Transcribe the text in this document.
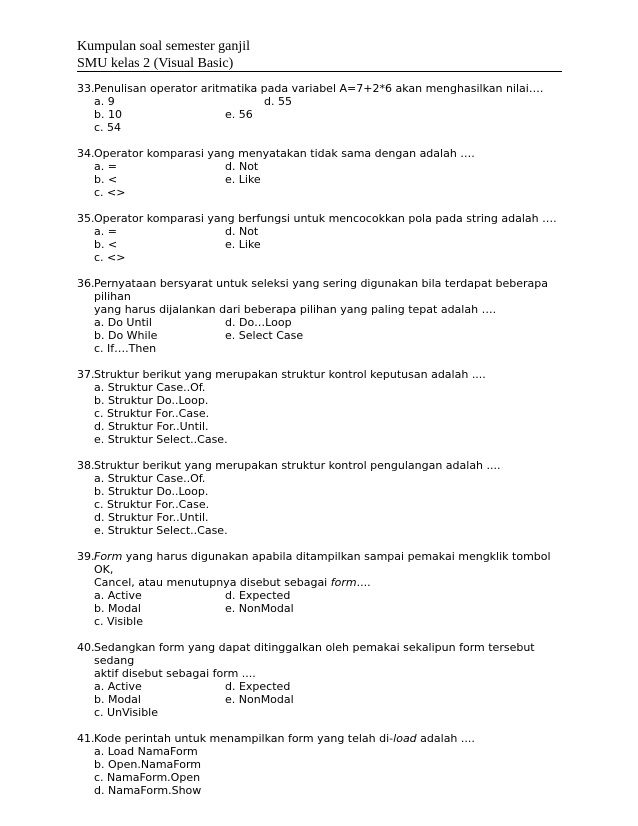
Kumpulan soal semester ganjil
SMU kelas 2 (Visual Basic)
33. Penulisan operator aritmatika pada variabel A=7+2*6 akan menghasilkan nilai….
a. 9	d. 55
b. 10	e. 56
c. 54
34. Operator komparasi yang menyatakan tidak sama dengan adalah ….
a. =	d. Not
b. <	e. Like
c. <>
35. Operator komparasi yang berfungsi untuk mencocokkan pola pada string adalah ….
a. =	d. Not
b. <	e. Like
c. <>
36. Pernyataan bersyarat untuk seleksi yang sering digunakan bila terdapat beberapa pilihan
yang harus dijalankan dari beberapa pilihan yang paling tepat adalah ….
a. Do Until	d. Do…Loop
b. Do While	e. Select Case
c. If….Then
37. Struktur berikut yang merupakan struktur kontrol keputusan adalah ....
a. Struktur Case..Of.
b. Struktur Do..Loop.
c. Struktur For..Case.
d. Struktur For..Until.
e. Struktur Select..Case.
38. Struktur berikut yang merupakan struktur kontrol pengulangan adalah ....
a. Struktur Case..Of.
b. Struktur Do..Loop.
c. Struktur For..Case.
d. Struktur For..Until.
e. Struktur Select..Case.
39. Form yang harus digunakan apabila ditampilkan sampai pemakai mengklik tombol OK,
Cancel, atau menutupnya disebut sebagai form....
a. Active	d. Expected
b. Modal	e. NonModal
c. Visible
40. Sedangkan form yang dapat ditinggalkan oleh pemakai sekalipun form tersebut sedang
aktif disebut sebagai form ....
a. Active	d. Expected
b. Modal	e. NonModal
c. UnVisible
41. Kode perintah untuk menampilkan form yang telah di-load adalah ....
a. Load NamaForm
b. Open.NamaForm
c. NamaForm.Open
d. NamaForm.Show
